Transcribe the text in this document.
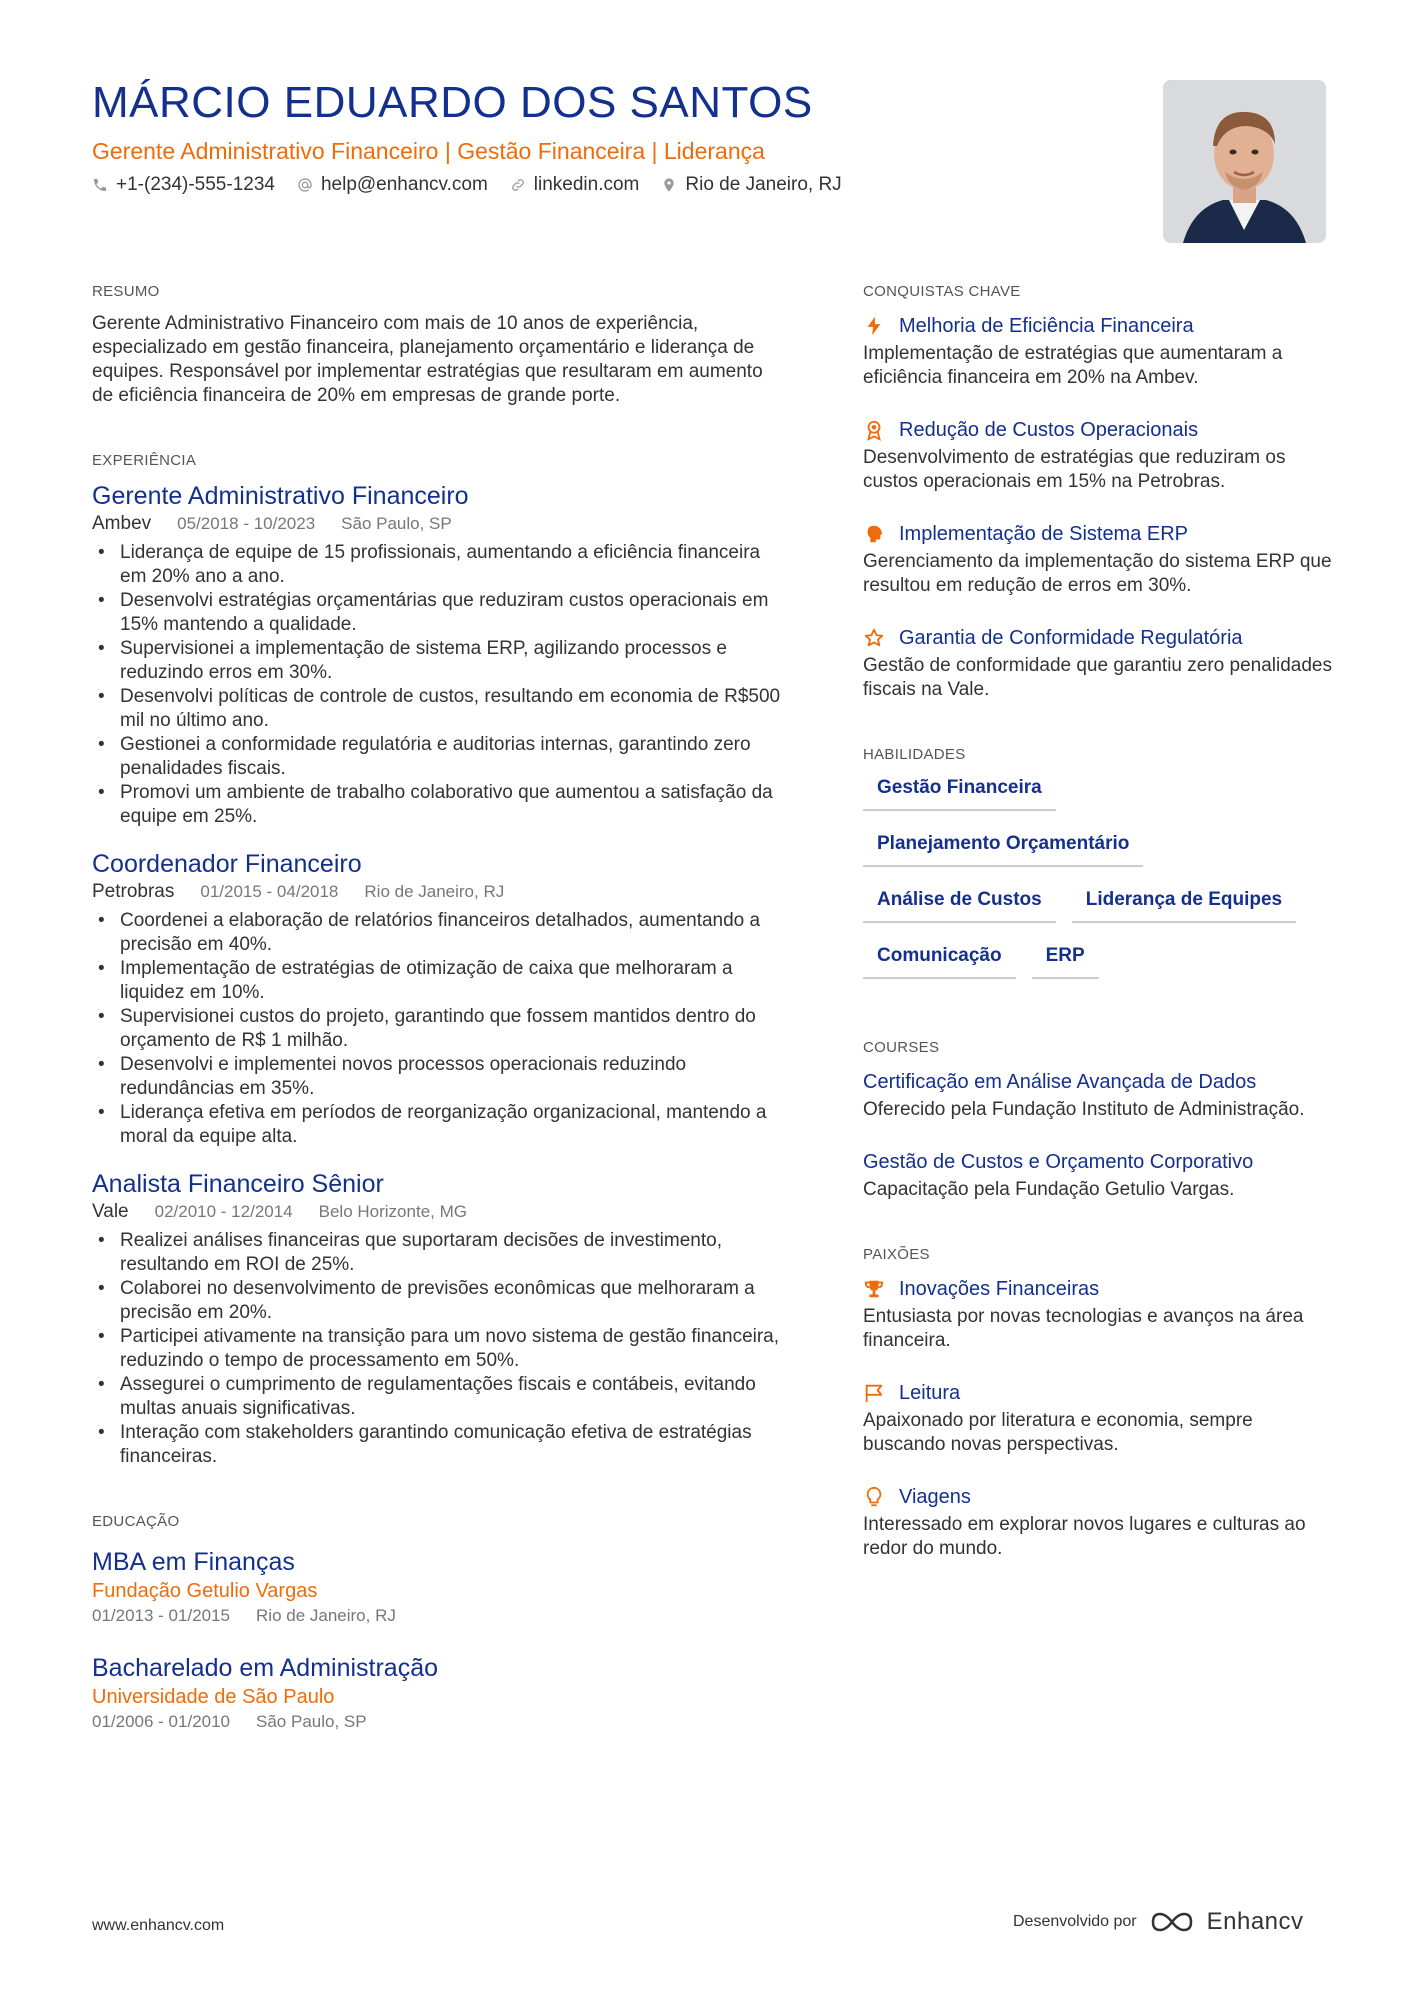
MÁRCIO EDUARDO DOS SANTOS
Gerente Administrativo Financeiro | Gestão Financeira | Liderança
+1-(234)-555-1234 help@enhancv.com linkedin.com Rio de Janeiro, RJ
RESUMO
Gerente Administrativo Financeiro com mais de 10 anos de experiência, especializado em gestão financeira, planejamento orçamentário e liderança de equipes. Responsável por implementar estratégias que resultaram em aumento de eficiência financeira de 20% em empresas de grande porte.
EXPERIÊNCIA
Gerente Administrativo Financeiro
Ambev 05/2018 - 10/2023 São Paulo, SP
• Liderança de equipe de 15 profissionais, aumentando a eficiência financeira em 20% ano a ano.
• Desenvolvi estratégias orçamentárias que reduziram custos operacionais em 15% mantendo a qualidade.
• Supervisionei a implementação de sistema ERP, agilizando processos e reduzindo erros em 30%.
• Desenvolvi políticas de controle de custos, resultando em economia de R$500 mil no último ano.
• Gestionei a conformidade regulatória e auditorias internas, garantindo zero penalidades fiscais.
• Promovi um ambiente de trabalho colaborativo que aumentou a satisfação da equipe em 25%.
Coordenador Financeiro
Petrobras 01/2015 - 04/2018 Rio de Janeiro, RJ
• Coordenei a elaboração de relatórios financeiros detalhados, aumentando a precisão em 40%.
• Implementação de estratégias de otimização de caixa que melhoraram a liquidez em 10%.
• Supervisionei custos do projeto, garantindo que fossem mantidos dentro do orçamento de R$ 1 milhão.
• Desenvolvi e implementei novos processos operacionais reduzindo redundâncias em 35%.
• Liderança efetiva em períodos de reorganização organizacional, mantendo a moral da equipe alta.
Analista Financeiro Sênior
Vale 02/2010 - 12/2014 Belo Horizonte, MG
• Realizei análises financeiras que suportaram decisões de investimento, resultando em ROI de 25%.
• Colaborei no desenvolvimento de previsões econômicas que melhoraram a precisão em 20%.
• Participei ativamente na transição para um novo sistema de gestão financeira, reduzindo o tempo de processamento em 50%.
• Assegurei o cumprimento de regulamentações fiscais e contábeis, evitando multas anuais significativas.
• Interação com stakeholders garantindo comunicação efetiva de estratégias financeiras.
EDUCAÇÃO
MBA em Finanças
Fundação Getulio Vargas
01/2013 - 01/2015 Rio de Janeiro, RJ
Bacharelado em Administração
Universidade de São Paulo
01/2006 - 01/2010 São Paulo, SP
CONQUISTAS CHAVE
Melhoria de Eficiência Financeira
Implementação de estratégias que aumentaram a eficiência financeira em 20% na Ambev.
Redução de Custos Operacionais
Desenvolvimento de estratégias que reduziram os custos operacionais em 15% na Petrobras.
Implementação de Sistema ERP
Gerenciamento da implementação do sistema ERP que resultou em redução de erros em 30%.
Garantia de Conformidade Regulatória
Gestão de conformidade que garantiu zero penalidades fiscais na Vale.
HABILIDADES
Gestão Financeira
Planejamento Orçamentário
Análise de Custos	Liderança de Equipes
Comunicação	ERP
COURSES
Certificação em Análise Avançada de Dados
Oferecido pela Fundação Instituto de Administração.
Gestão de Custos e Orçamento Corporativo
Capacitação pela Fundação Getulio Vargas.
PAIXÕES
Inovações Financeiras
Entusiasta por novas tecnologias e avanços na área financeira.
Leitura
Apaixonado por literatura e economia, sempre buscando novas perspectivas.
Viagens
Interessado em explorar novos lugares e culturas ao redor do mundo.
www.enhancv.com	Desenvolvido por	Enhancv
